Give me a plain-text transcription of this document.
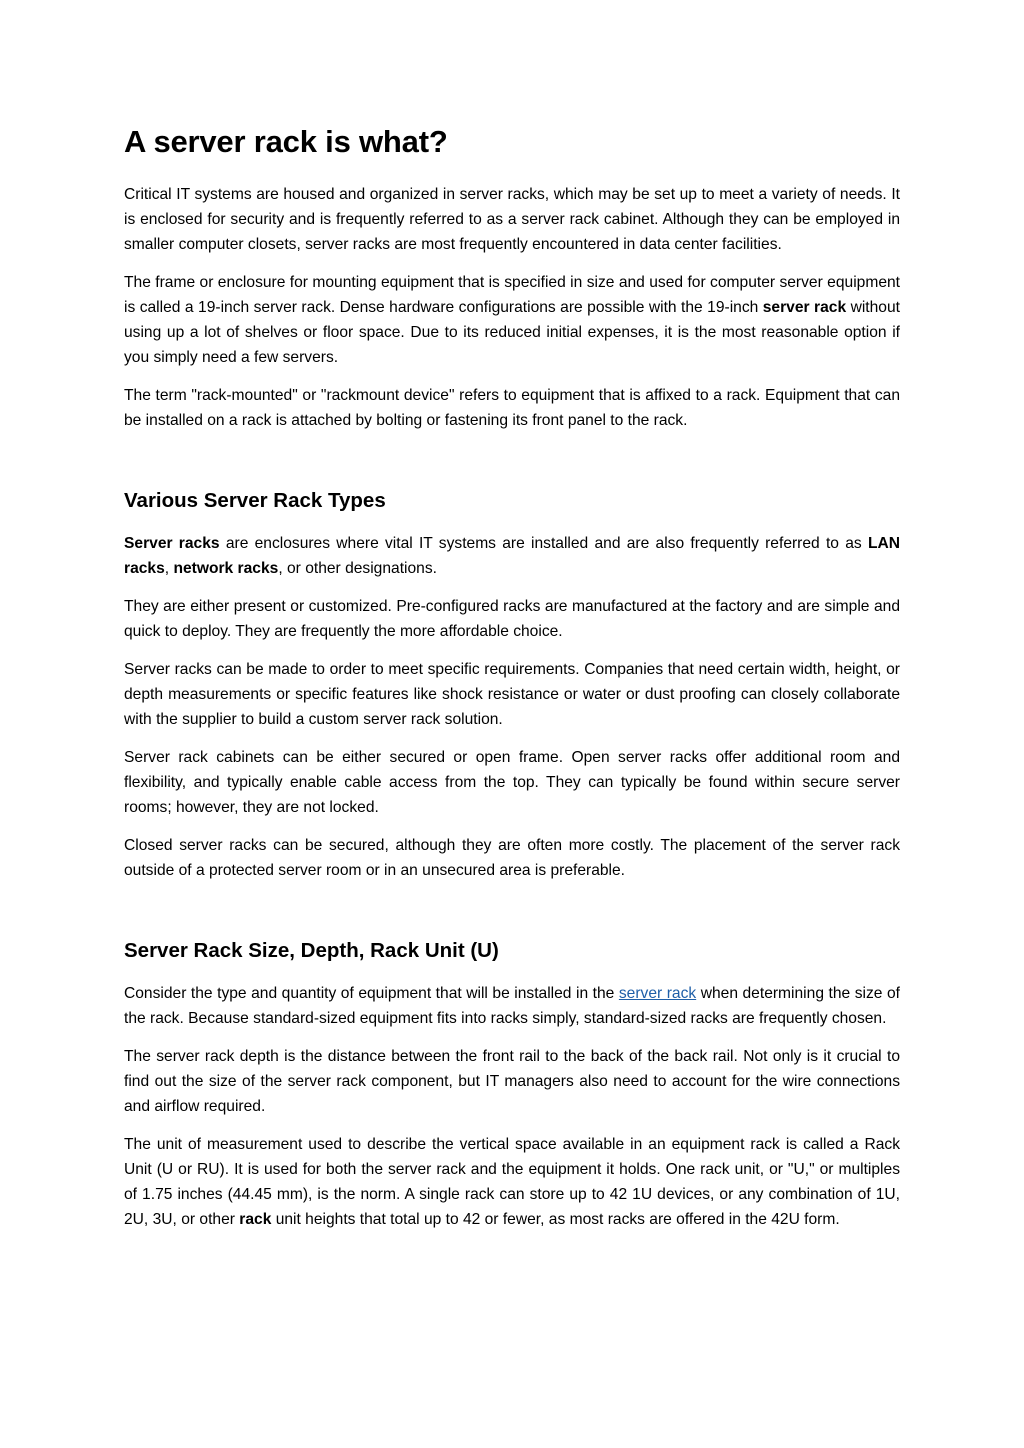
A server rack is what?

Critical IT systems are housed and organized in server racks, which may be set up to meet a variety of needs. It is enclosed for security and is frequently referred to as a server rack cabinet. Although they can be employed in smaller computer closets, server racks are most frequently encountered in data center facilities.

The frame or enclosure for mounting equipment that is specified in size and used for computer server equipment is called a 19-inch server rack. Dense hardware configurations are possible with the 19-inch server rack without using up a lot of shelves or floor space. Due to its reduced initial expenses, it is the most reasonable option if you simply need a few servers.

The term "rack-mounted" or "rackmount device" refers to equipment that is affixed to a rack. Equipment that can be installed on a rack is attached by bolting or fastening its front panel to the rack.

Various Server Rack Types

Server racks are enclosures where vital IT systems are installed and are also frequently referred to as LAN racks, network racks, or other designations.

They are either present or customized. Pre-configured racks are manufactured at the factory and are simple and quick to deploy. They are frequently the more affordable choice.

Server racks can be made to order to meet specific requirements. Companies that need certain width, height, or depth measurements or specific features like shock resistance or water or dust proofing can closely collaborate with the supplier to build a custom server rack solution.

Server rack cabinets can be either secured or open frame. Open server racks offer additional room and flexibility, and typically enable cable access from the top. They can typically be found within secure server rooms; however, they are not locked.

Closed server racks can be secured, although they are often more costly. The placement of the server rack outside of a protected server room or in an unsecured area is preferable.

Server Rack Size, Depth, Rack Unit (U)

Consider the type and quantity of equipment that will be installed in the server rack when determining the size of the rack. Because standard-sized equipment fits into racks simply, standard-sized racks are frequently chosen.

The server rack depth is the distance between the front rail to the back of the back rail. Not only is it crucial to find out the size of the server rack component, but IT managers also need to account for the wire connections and airflow required.

The unit of measurement used to describe the vertical space available in an equipment rack is called a Rack Unit (U or RU). It is used for both the server rack and the equipment it holds. One rack unit, or "U," or multiples of 1.75 inches (44.45 mm), is the norm. A single rack can store up to 42 1U devices, or any combination of 1U, 2U, 3U, or other rack unit heights that total up to 42 or fewer, as most racks are offered in the 42U form.
